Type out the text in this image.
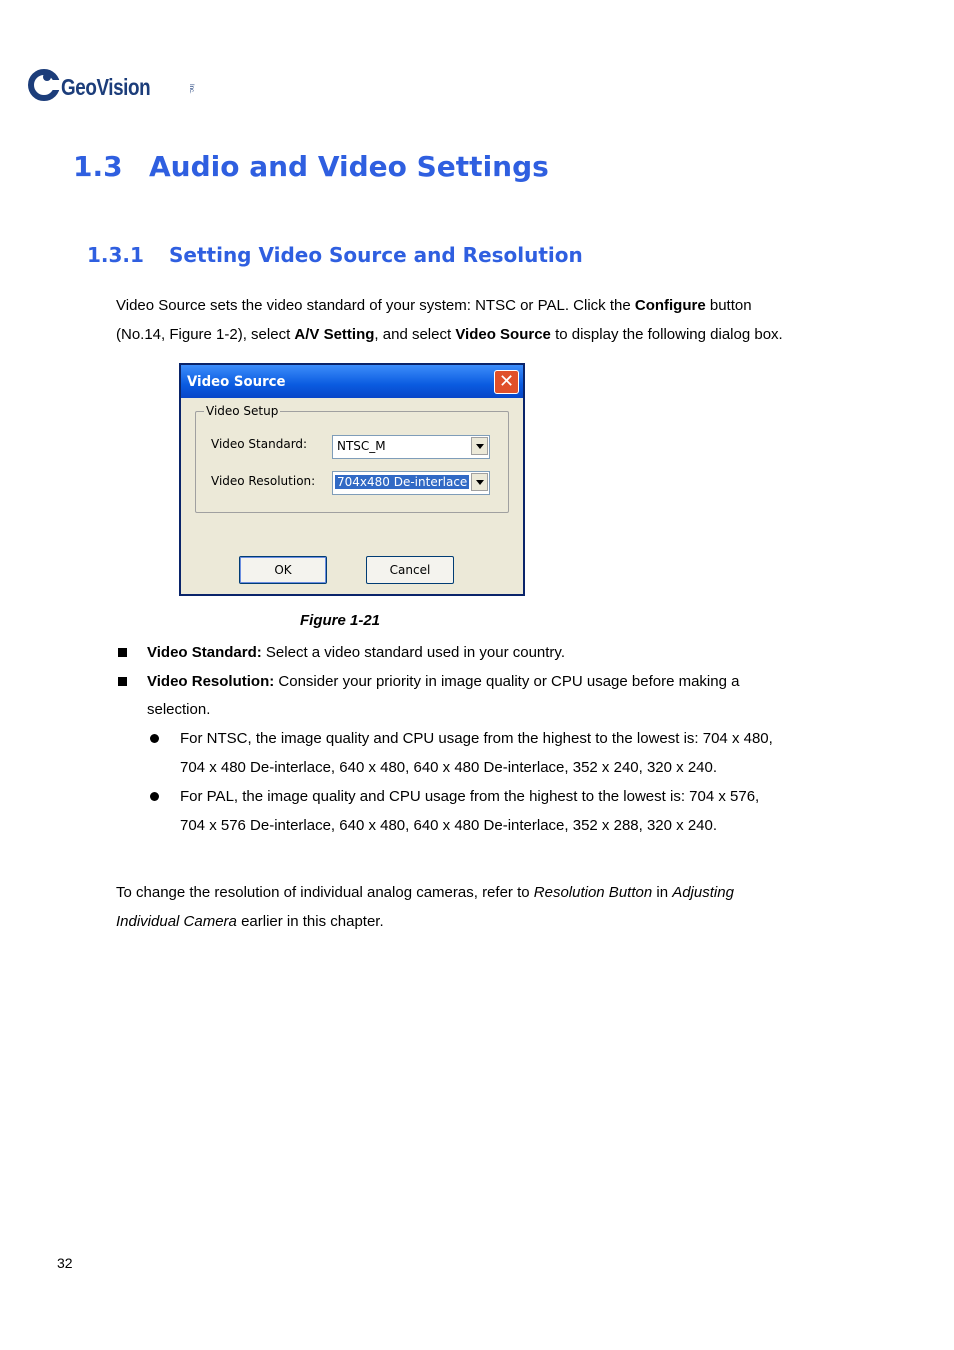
GeoVision	Inc.
1.3 Audio and Video Settings
1.3.1 Setting Video Source and Resolution
Video Source sets the video standard of your system: NTSC or PAL. Click the Configure button
(No.14, Figure 1-2), select A/V Setting, and select Video Source to display the following dialog box.
Video Source	✕
Video Setup
Video Standard: NTSC_M
Video Resolution: 704x480 De-interlace
OK	Cancel
Figure 1-21
Video Standard: Select a video standard used in your country.
Video Resolution: Consider your priority in image quality or CPU usage before making a
selection.
For NTSC, the image quality and CPU usage from the highest to the lowest is: 704 x 480,
704 x 480 De-interlace, 640 x 480, 640 x 480 De-interlace, 352 x 240, 320 x 240.
For PAL, the image quality and CPU usage from the highest to the lowest is: 704 x 576,
704 x 576 De-interlace, 640 x 480, 640 x 480 De-interlace, 352 x 288, 320 x 240.
To change the resolution of individual analog cameras, refer to Resolution Button in Adjusting
Individual Camera earlier in this chapter.
32
